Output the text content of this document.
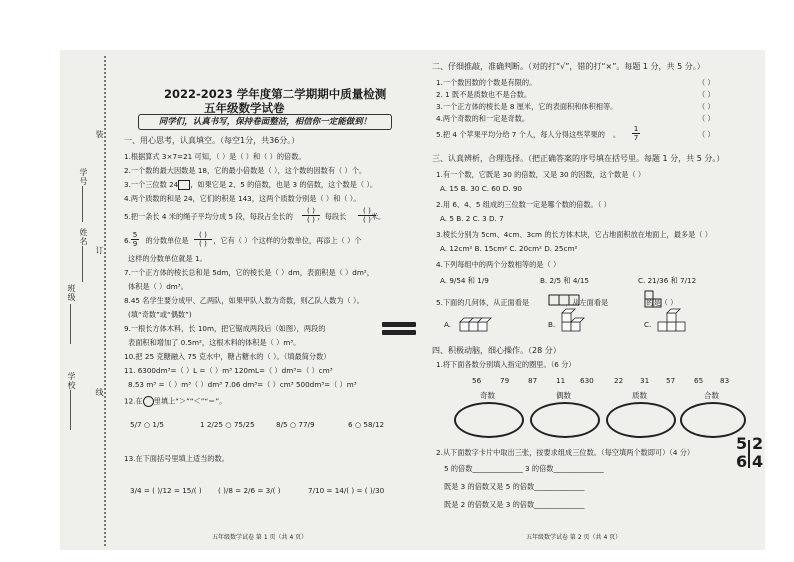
学校
班级
姓名
学号
线
订
装
2022-2023 学年度第二学期期中质量检测
五年级数学试卷
同学们，认真书写，保持卷面整洁，相信你一定能做到！
一、用心思考，认真填空。（每空1分，共36分。）
1.根据算式 3×7=21 可知，（ ）是（ ）和（ ）的倍数。
2.一个数的最大因数是 18，它的最小倍数是（ ），这个数的因数有（ ）个。
3.一个三位数 24 ，如果它是 2、5 的倍数，也是 3 的倍数，这个数是（ ）。
4.两个质数的和是 24，它们的积是 143，这两个质数分别是（ ）和（ ）。
5.把一条长 4 米的绳子平均分成 5 段，每段占全长的	，每段长	米。
( )
( )
( )
( )
6. 的分数单位是	，它有（ ）个这样的分数单位，再添上（ ）个
$\frac{5}{9}$	( )
( )
这样的分数单位就是 1。
7.一个正方体的棱长总和是 5dm，它的棱长是（ ）dm，表面积是（ ）dm²，
体积是（ ）dm³。
8.45 名学生要分成甲、乙两队，如果甲队人数为奇数，则乙队人数为（ ）。
(填“奇数”或“偶数”)
9.一根长方体木料，长 10m，把它锯成两段后（如图），两段的
表面积和增加了 0.5m²，这根木料的体积是（ ）m³。
10.把 25 克糖融入 75 克水中，糖占糖水的（ ）。（填最简分数）
11. 6300dm³=（ ）L =（ ）m³ 120mL=（ ）dm³=（ ）cm³
8.53 m³ =（ ）m³（ ）dm³ 7.06 dm³=（ ）cm³ 500dm³=（ ）m³
12.在 里填上“＞”“＜”“＝”。
5/7 ○ 1/5	1 2/25 ○ 75/25	8/5 ○ 77/9	6 ○ 58/12
13.在下面括号里填上适当的数。
3/4 = ( )/12 = 15/( ) ( )/8 = 2/6 = 3/( )	7/10 = 14/( ) = ( )/30
五年级数学试卷 第 1 页（共 4 页）
二、仔细推敲，准确判断。（对的打“√”，错的打“×”。每题 1 分，共 5 分。）
1.一个数因数的个数是有限的。	（ ）
2. 1 既不是质数也不是合数。	（ ）
3.一个正方体的棱长是 8 厘米，它的表面积和体积相等。	（ ）
4.两个奇数的和一定是奇数。	（ ）
5.把 4 个苹果平均分给 7 个人，每人分得这些苹果的 。 $\frac{1}{7}$	（ ）
三、认真辨析，合理选择。（把正确答案的序号填在括号里。每题 1 分，共 5 分。）
1.有一个数，它既是 30 的倍数，又是 30 的因数，这个数是（ ）
A. 15 B. 30 C. 60 D. 90
2.用 6、4、5 组成的三位数一定是哪个数的倍数。（ ）
A. 5 B. 2 C. 3 D. 7
3.棱长分别为 5cm、4cm、3cm 的长方体木块，它占地面积放在地面上，最多是（ ）
A. 12cm² B. 15cm² C. 20cm² D. 25cm²
4.下列每组中的两个分数相等的是（ ）
A. 9/54 和 1/9	B. 2/5 和 4/15	C. 21/36 和 7/12
5.下面的几何体，从正面看是	，从左面看是	的是（ ）
A.	B.	C.
四、积极动脑，细心操作。（28 分）
1.将下面各数分别填入指定的圈里。（6 分）
56	79	87	11 630	22 31 57	65 83
奇数	偶数	质数	合数
2.从下面数字卡片中取出三张，按要求组成三位数。（每空填两个数即可）（4 分）
5 的倍数______________ 3 的倍数______________
既是 3 的倍数又是 5 的倍数______________
既是 2 的倍数又是 3 的倍数______________
5 2
6 4
五年级数学试卷 第 2 页（共 4 页）
